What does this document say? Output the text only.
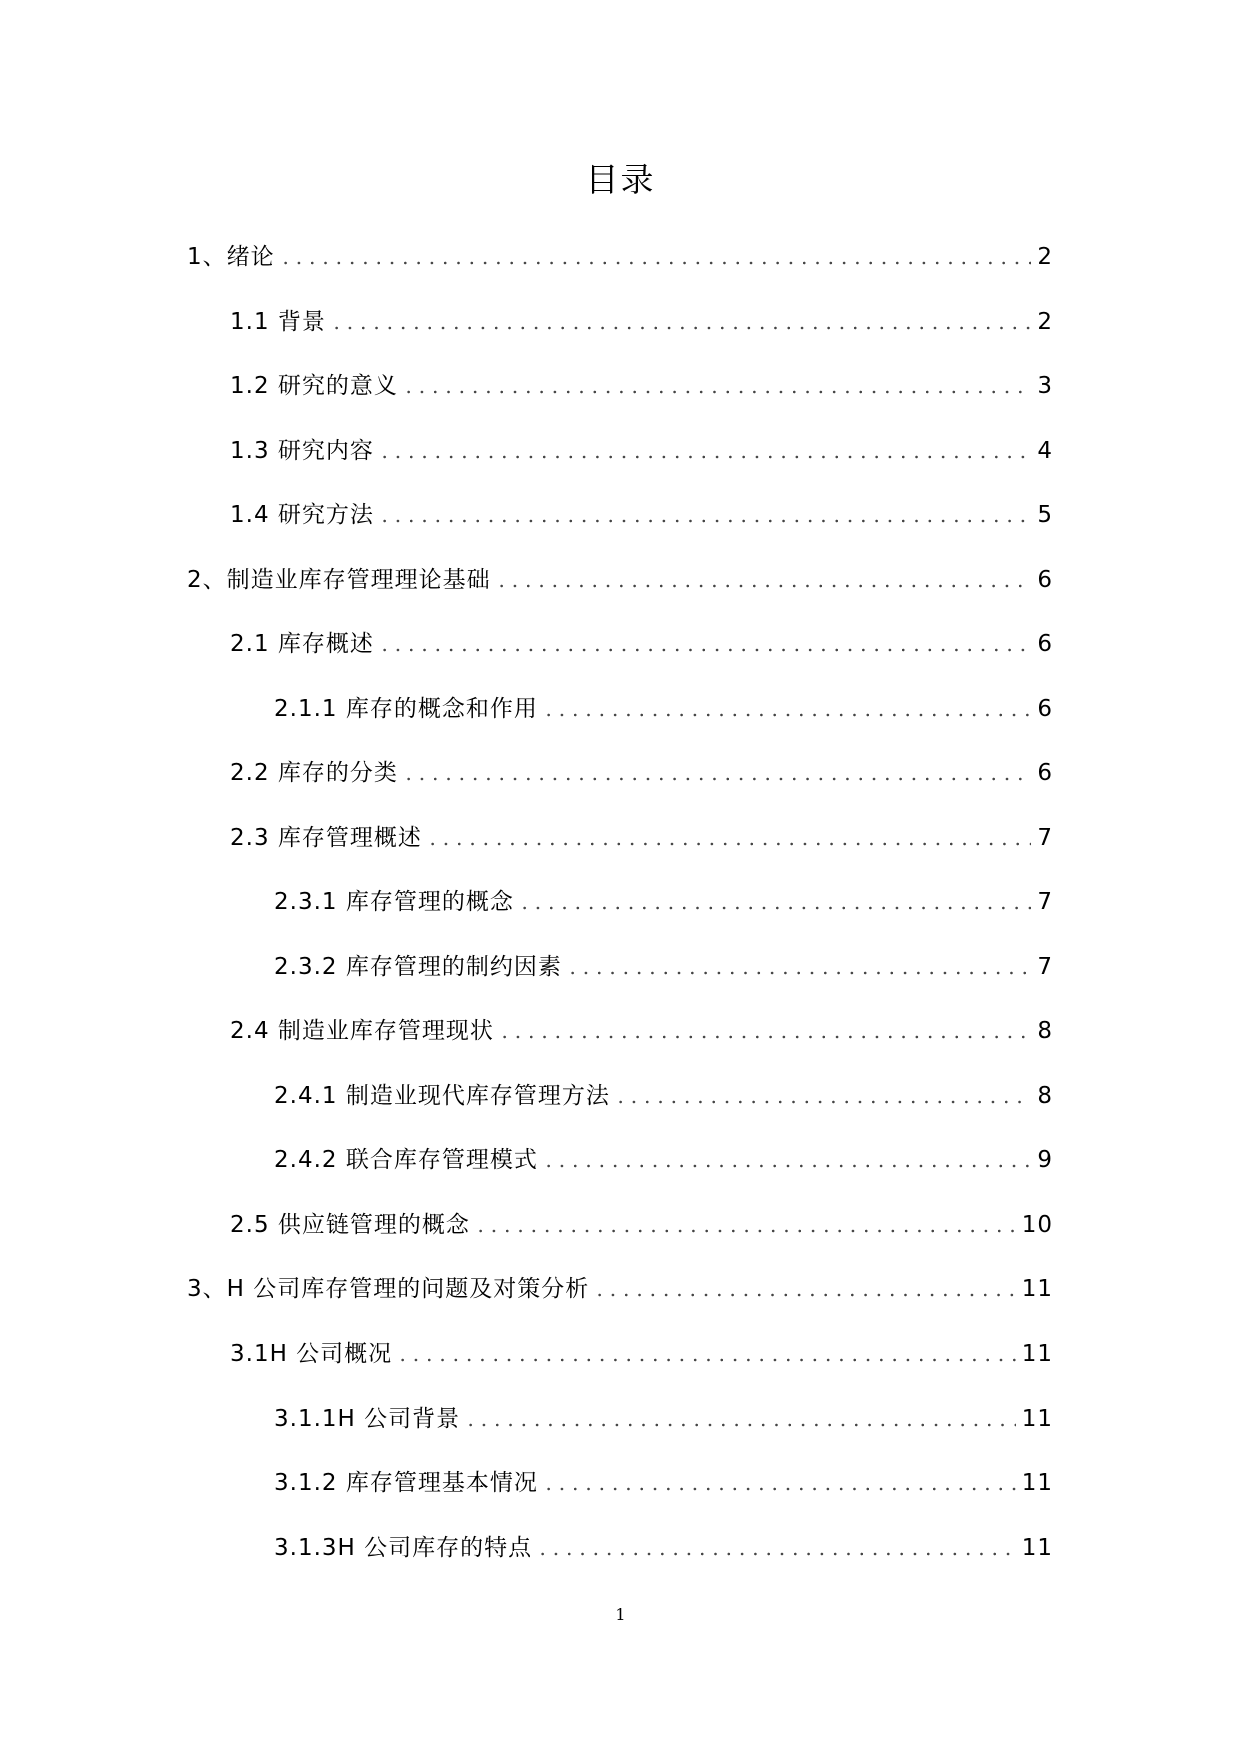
目录
1、绪论	2
1.1 背景	2
1.2 研究的意义	3
1.3 研究内容	4
1.4 研究方法	5
2、制造业库存管理理论基础	6
2.1 库存概述	6
2.1.1 库存的概念和作用	6
2.2 库存的分类	6
2.3 库存管理概述	7
2.3.1 库存管理的概念	7
2.3.2 库存管理的制约因素	7
2.4 制造业库存管理现状	8
2.4.1 制造业现代库存管理方法	8
2.4.2 联合库存管理模式	9
2.5 供应链管理的概念	10
3、H 公司库存管理的问题及对策分析	11
3.1H 公司概况	11
3.1.1H 公司背景	11
3.1.2 库存管理基本情况	11
3.1.3H 公司库存的特点	11
1
